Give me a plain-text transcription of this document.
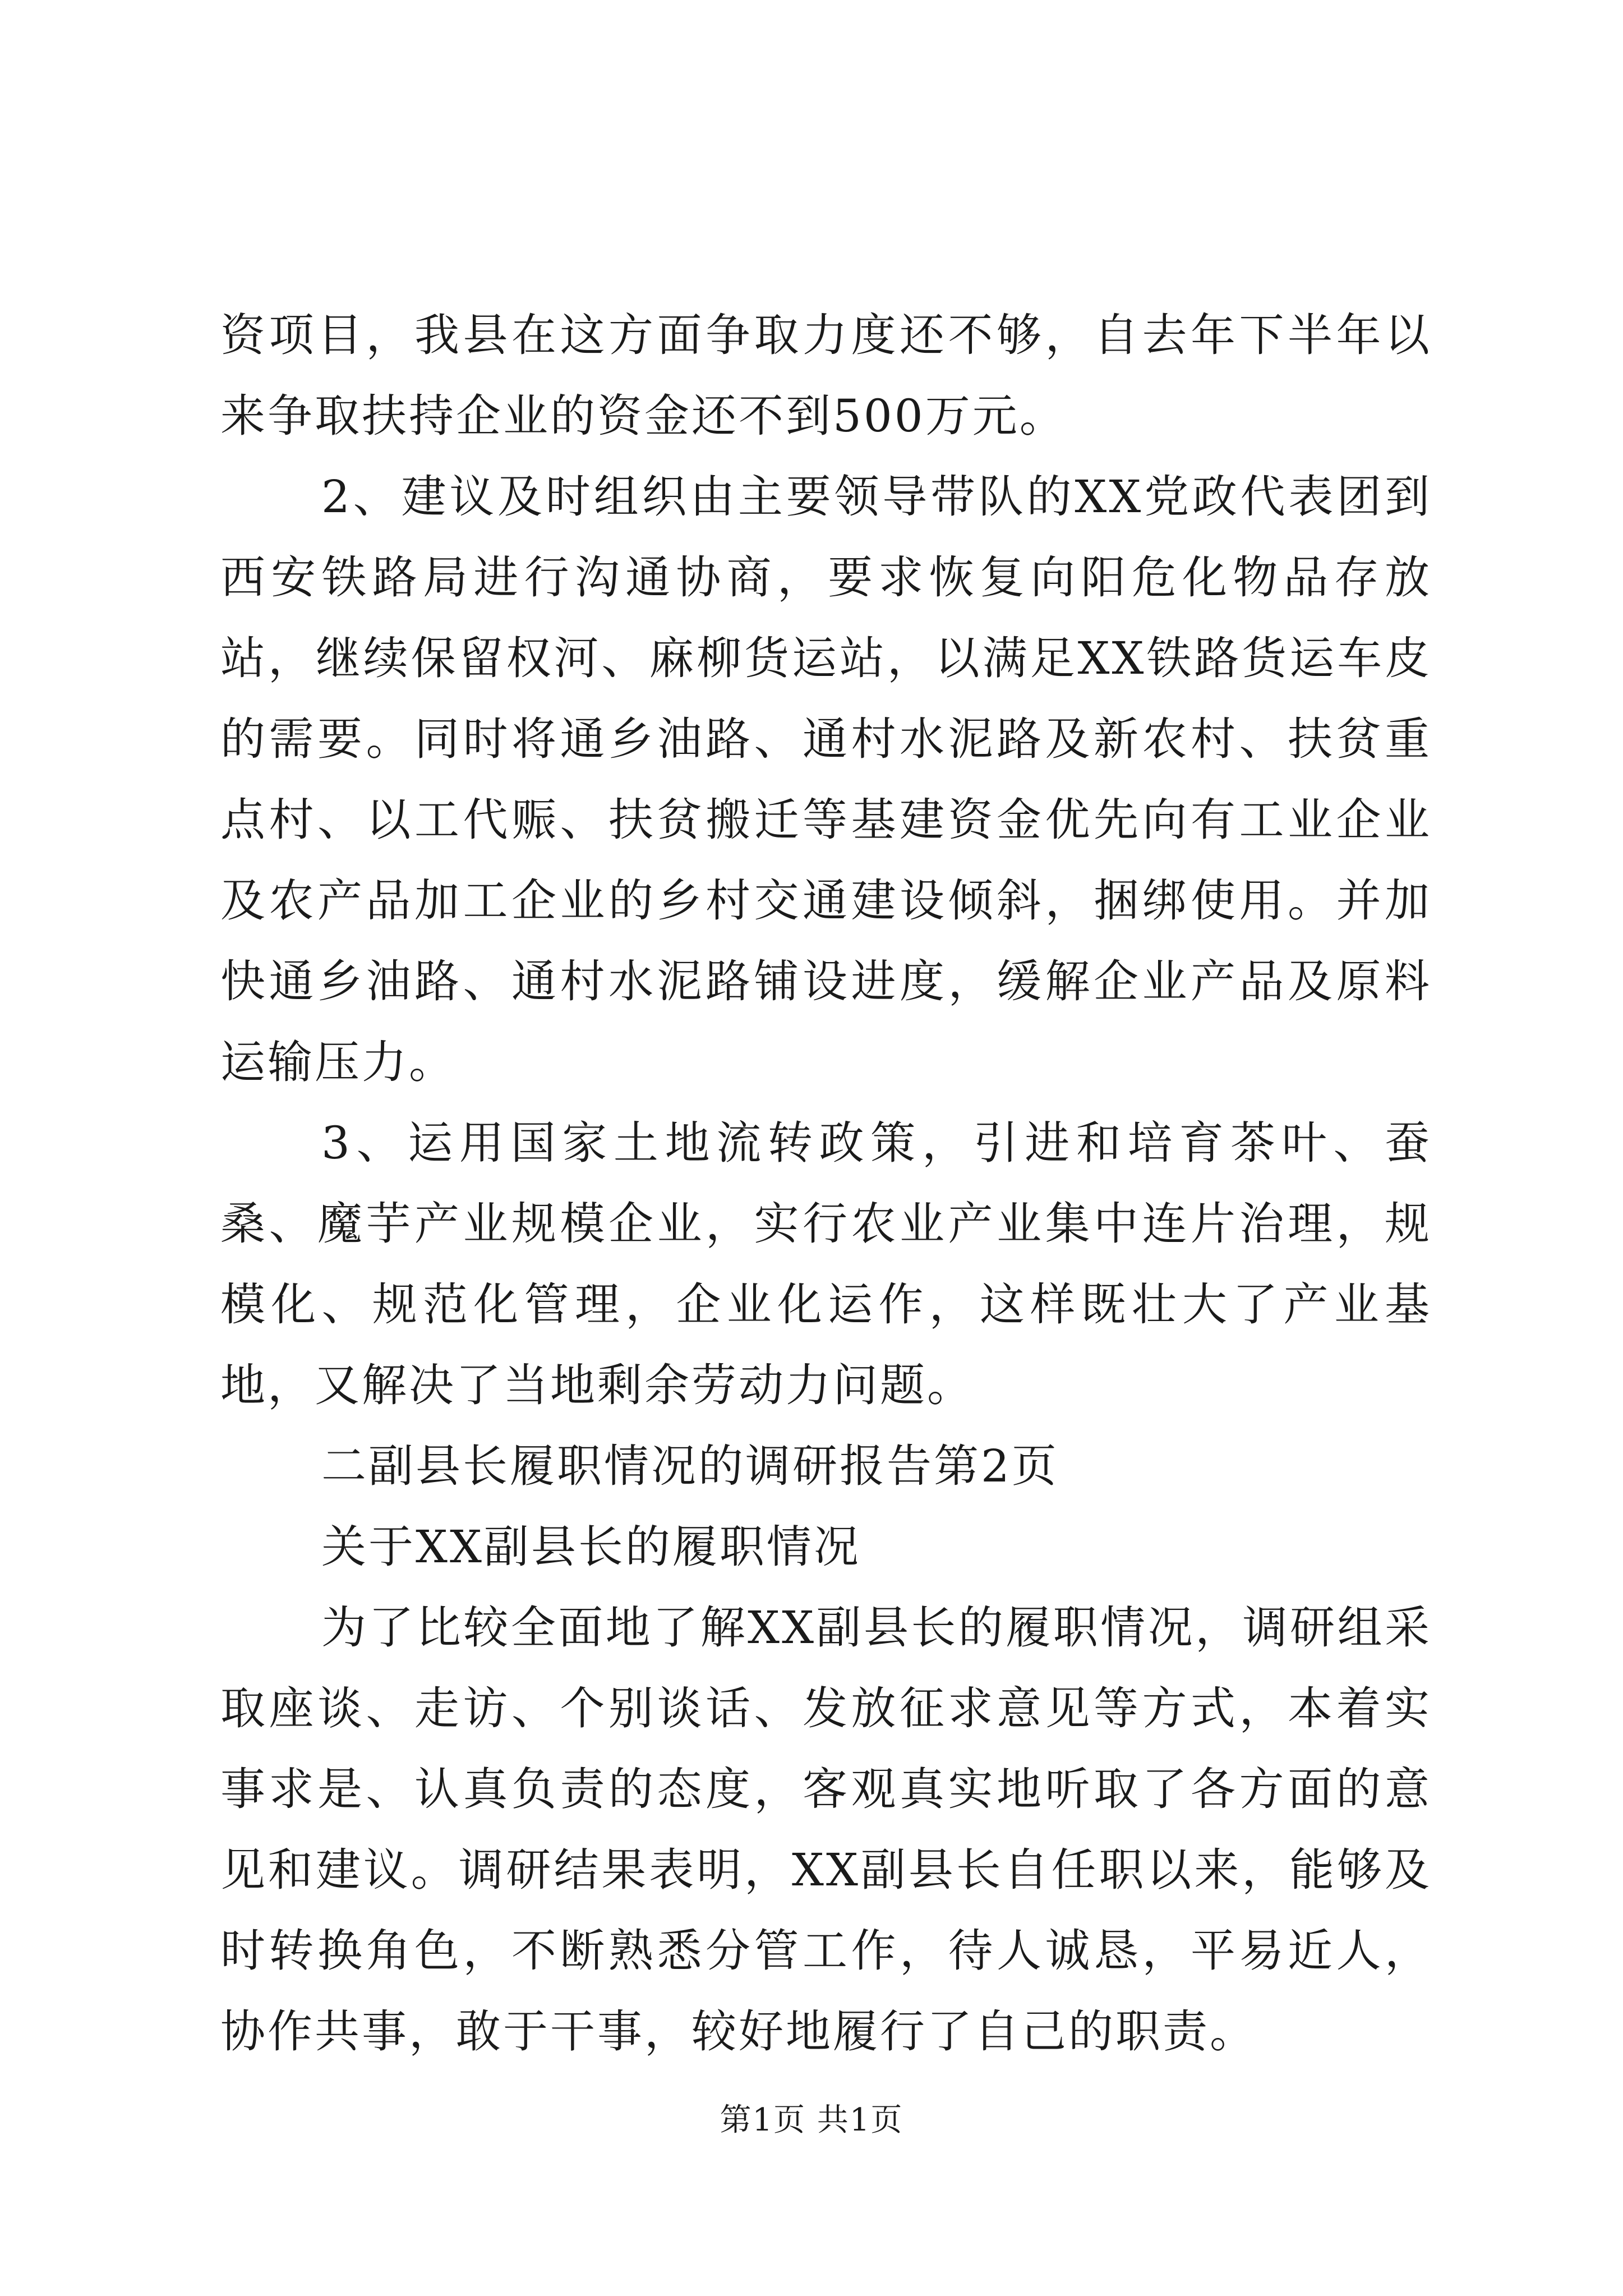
资项目，我县在这方面争取力度还不够，自去年下半年以来争取扶持企业的资金还不到500万元。

2、建议及时组织由主要领导带队的XX党政代表团到西安铁路局进行沟通协商，要求恢复向阳危化物品存放站，继续保留权河、麻柳货运站，以满足XX铁路货运车皮的需要。同时将通乡油路、通村水泥路及新农村、扶贫重点村、以工代赈、扶贫搬迁等基建资金优先向有工业企业及农产品加工企业的乡村交通建设倾斜，捆绑使用。并加快通乡油路、通村水泥路铺设进度，缓解企业产品及原料运输压力。

3、运用国家土地流转政策，引进和培育茶叶、蚕桑、魔芋产业规模企业，实行农业产业集中连片治理，规模化、规范化管理，企业化运作，这样既壮大了产业基地，又解决了当地剩余劳动力问题。

二副县长履职情况的调研报告第2页

关于XX副县长的履职情况

为了比较全面地了解XX副县长的履职情况，调研组采取座谈、走访、个别谈话、发放征求意见等方式，本着实事求是、认真负责的态度，客观真实地听取了各方面的意见和建议。调研结果表明，XX副县长自任职以来，能够及时转换角色，不断熟悉分管工作，待人诚恳，平易近人，协作共事，敢于干事，较好地履行了自己的职责。

第1页 共1页
